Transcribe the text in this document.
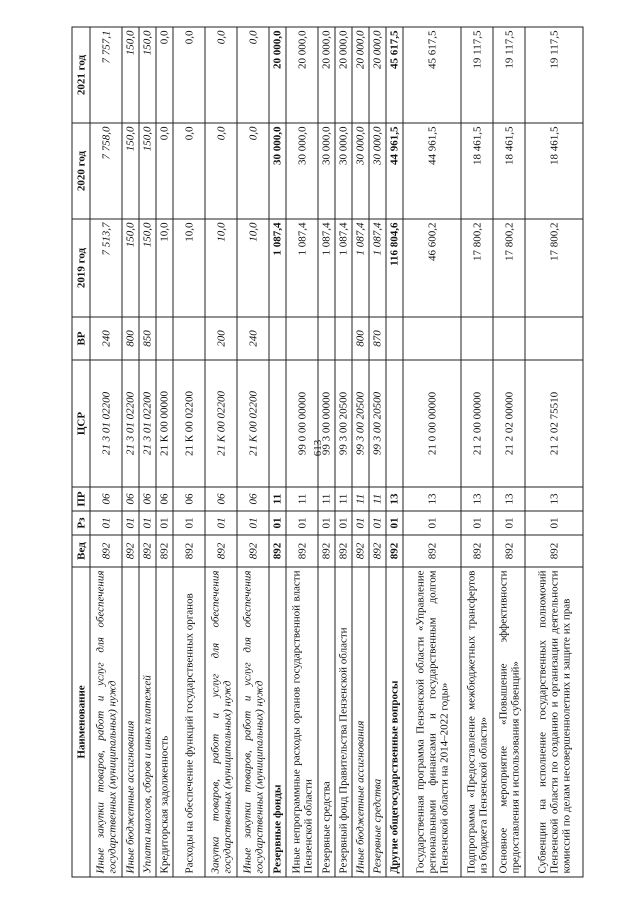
613
Наименование	Вед	Рз	ПР	ЦСР	ВР	2019 год	2020 год	2021 год
Иные закупки товаров, работ и услуг для обеспечения государственных (муниципальных) нужд	892	01	06	21 3 01 02200	240	7 513,7	7 758,0	7 757,1
Иные бюджетные ассигнования	892	01	06	21 3 01 02200	800	150,0	150,0	150,0
Уплата налогов, сборов и иных платежей	892	01	06	21 3 01 02200	850	150,0	150,0	150,0
Кредиторская задолженность	892	01	06	21 К 00 00000		10,0	0,0	0,0
Расходы на обеспечение функций государственных органов	892	01	06	21 К 00 02200		10,0	0,0	0,0
Закупка товаров, работ и услуг для обеспечения государственных (муниципальных) нужд	892	01	06	21 К 00 02200	200	10,0	0,0	0,0
Иные закупки товаров, работ и услуг для обеспечения государственных (муниципальных) нужд	892	01	06	21 К 00 02200	240	10,0	0,0	0,0
Резервные фонды	892	01	11			1 087,4	30 000,0	20 000,0
Иные непрограммные расходы органов государственной власти Пензенской области	892	01	11	99 0 00 00000		1 087,4	30 000,0	20 000,0
Резервные средства	892	01	11	99 3 00 00000		1 087,4	30 000,0	20 000,0
Резервный фонд Правительства Пензенской области	892	01	11	99 3 00 20500		1 087,4	30 000,0	20 000,0
Иные бюджетные ассигнования	892	01	11	99 3 00 20500	800	1 087,4	30 000,0	20 000,0
Резервные средства	892	01	11	99 3 00 20500	870	1 087,4	30 000,0	20 000,0
Другие общегосударственные вопросы	892	01	13			116 804,6	44 961,5	45 617,5
Государственная программа Пензенской области «Управление региональными финансами и государственным долгом Пензенской области на 2014–2022 годы»	892	01	13	21 0 00 00000		46 600,2	44 961,5	45 617,5
Подпрограмма «Предоставление межбюджетных трансфертов из бюджета Пензенской области»	892	01	13	21 2 00 00000		17 800,2	18 461,5	19 117,5
Основное мероприятие «Повышение эффективности предоставления и использования субвенций»	892	01	13	21 2 02 00000		17 800,2	18 461,5	19 117,5
Субвенции на исполнение государственных полномочий Пензенской области по созданию и организации деятельности комиссий по делам несовершеннолетних и защите их прав	892	01	13	21 2 02 75510		17 800,2	18 461,5	19 117,5
